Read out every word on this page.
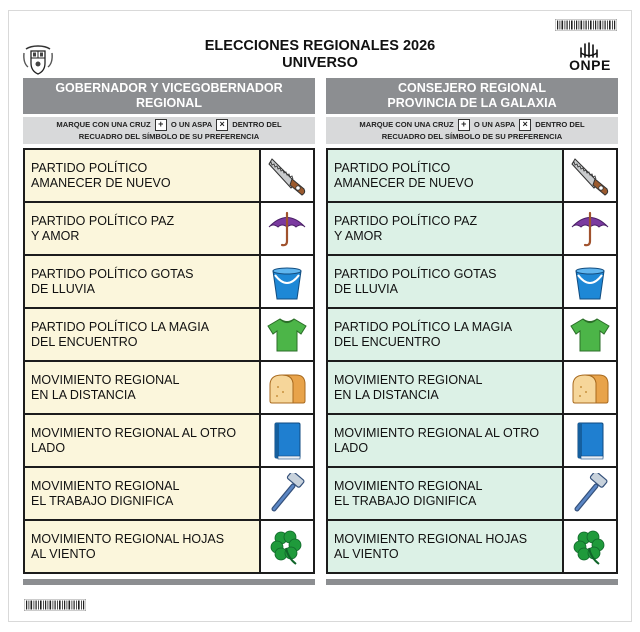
ELECCIONES REGIONALES 2026
UNIVERSO	ONPE
GOBERNADOR Y VICEGOBERNADOR
REGIONAL
MARQUE CON UNA CRUZ + O UN ASPA × DENTRO DEL
RECUADRO DEL SÍMBOLO DE SU PREFERENCIA
PARTIDO POLÍTICO
AMANECER DE NUEVO
PARTIDO POLÍTICO PAZ
Y AMOR
PARTIDO POLÍTICO GOTAS
DE LLUVIA
PARTIDO POLÍTICO LA MAGIA
DEL ENCUENTRO
MOVIMIENTO REGIONAL
EN LA DISTANCIA
MOVIMIENTO REGIONAL AL OTRO
LADO
MOVIMIENTO REGIONAL
EL TRABAJO DIGNIFICA
MOVIMIENTO REGIONAL HOJAS
AL VIENTO
CONSEJERO REGIONAL
PROVINCIA DE LA GALAXIA
MARQUE CON UNA CRUZ + O UN ASPA × DENTRO DEL
RECUADRO DEL SÍMBOLO DE SU PREFERENCIA
PARTIDO POLÍTICO
AMANECER DE NUEVO
PARTIDO POLÍTICO PAZ
Y AMOR
PARTIDO POLÍTICO GOTAS
DE LLUVIA
PARTIDO POLÍTICO LA MAGIA
DEL ENCUENTRO
MOVIMIENTO REGIONAL
EN LA DISTANCIA
MOVIMIENTO REGIONAL AL OTRO
LADO
MOVIMIENTO REGIONAL
EL TRABAJO DIGNIFICA
MOVIMIENTO REGIONAL HOJAS
AL VIENTO
